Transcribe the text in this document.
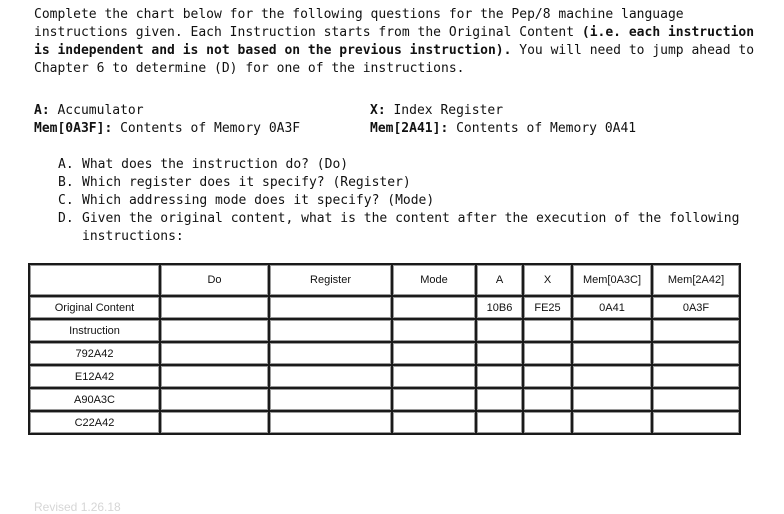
Complete the chart below for the following questions for the Pep/8 machine language instructions given. Each Instruction starts from the Original Content (i.e. each instruction is independent and is not based on the previous instruction). You will need to jump ahead to Chapter 6 to determine (D) for one of the instructions.
A: Accumulator	X: Index Register
Mem[0A3F]: Contents of Memory 0A3F	Mem[2A41]: Contents of Memory 0A41
A. What does the instruction do? (Do)
B. Which register does it specify? (Register)
C. Which addressing mode does it specify? (Mode)
D. Given the original content, what is the content after the execution of the following instructions:
	Do	Register	Mode	A	X	Mem[0A3C]	Mem[2A42]
Original Content				10B6	FE25	0A41	0A3F
Instruction							
792A42							
E12A42							
A90A3C							
C22A42							
Revised 1.26.18
